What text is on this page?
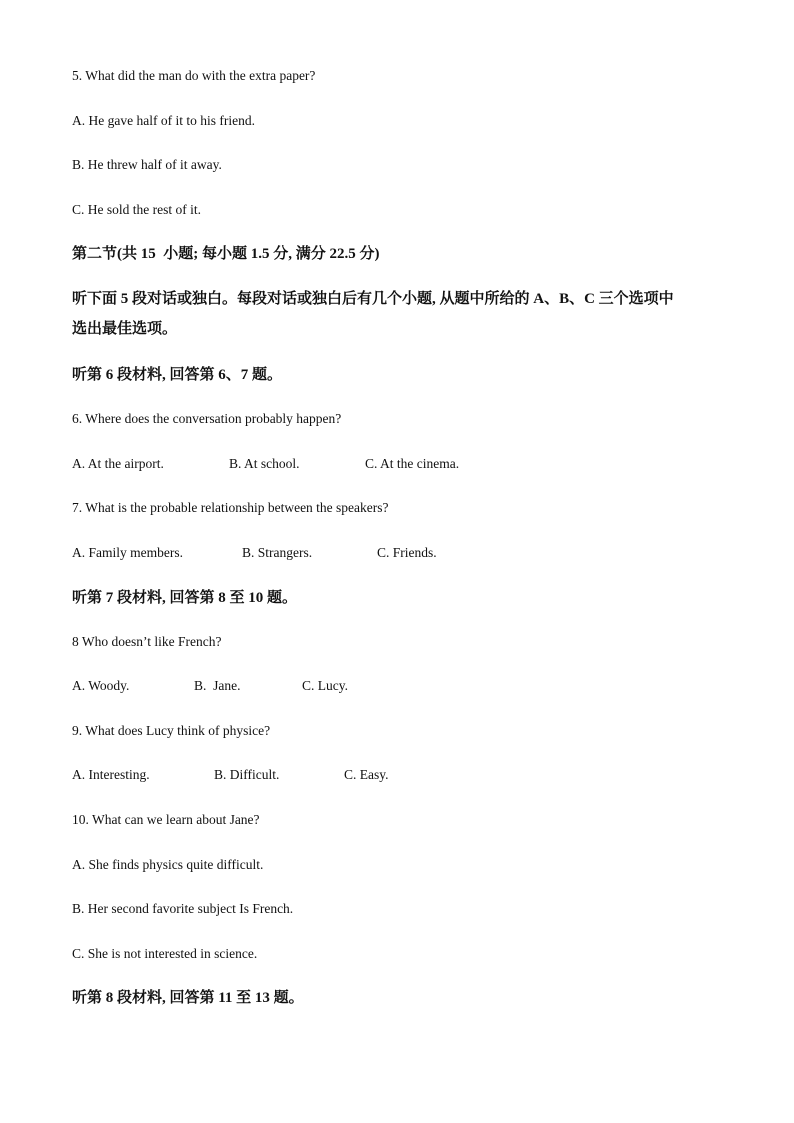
5. What did the man do with the extra paper?
A. He gave half of it to his friend.
B. He threw half of it away.
C. He sold the rest of it.
第二节(共 15  小题; 每小题 1.5 分, 满分 22.5 分)
听下面 5 段对话或独白。每段对话或独白后有几个小题, 从题中所给的 A、B、C 三个选项中
选出最佳选项。
听第 6 段材料, 回答第 6、7 题。
6. Where does the conversation probably happen?
A. At the airport.	B. At school.	C. At the cinema.
7. What is the probable relationship between the speakers?
A. Family members.	B. Strangers.	C. Friends.
听第 7 段材料, 回答第 8 至 10 题。
8 Who doesn’t like French?
A. Woody.	B.  Jane.	C. Lucy.
9. What does Lucy think of physice?
A. Interesting.	B. Difficult.	C. Easy.
10. What can we learn about Jane?
A. She finds physics quite difficult.
B. Her second favorite subject Is French.
C. She is not interested in science.
听第 8 段材料, 回答第 11 至 13 题。
